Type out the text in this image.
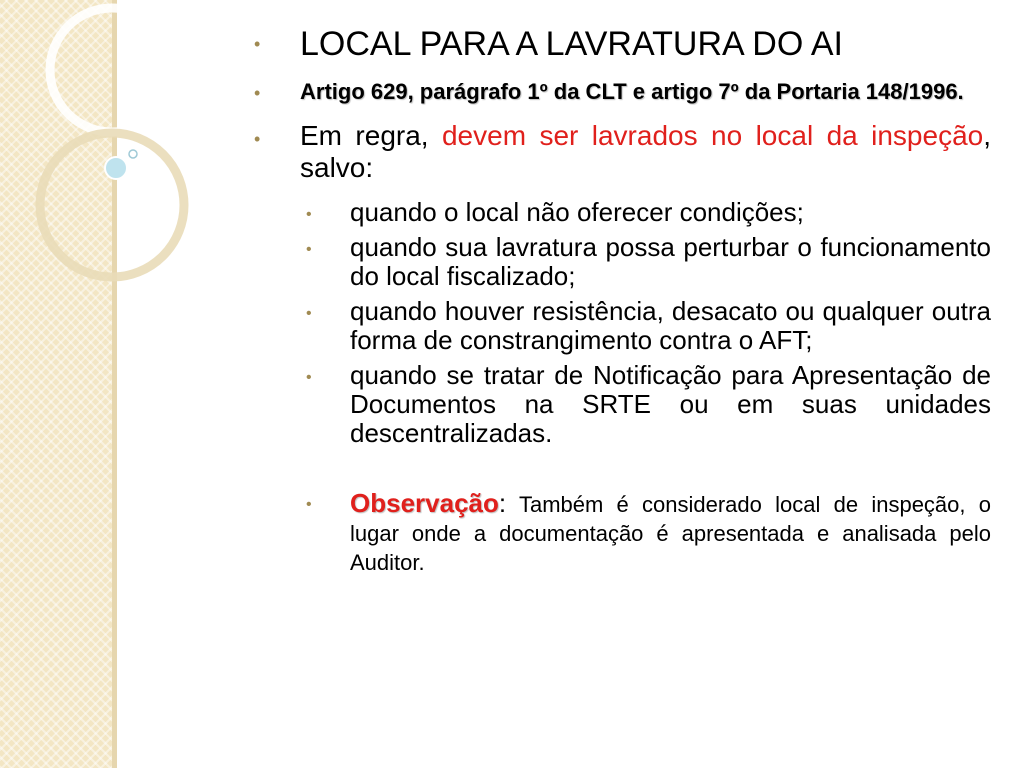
• LOCAL PARA A LAVRATURA DO AI
• Artigo 629, parágrafo 1º da CLT e artigo 7º da Portaria 148/1996.
• Em regra, devem ser lavrados no local da inspeção, salvo:
• quando o local não oferecer condições;
• quando sua lavratura possa perturbar o funcionamento do local fiscalizado;
• quando houver resistência, desacato ou qualquer outra forma de constrangimento contra o AFT;
• quando se tratar de Notificação para Apresentação de Documentos na SRTE ou em suas unidades descentralizadas.
• Observação: Também é considerado local de inspeção, o lugar onde a documentação é apresentada e analisada pelo Auditor.
